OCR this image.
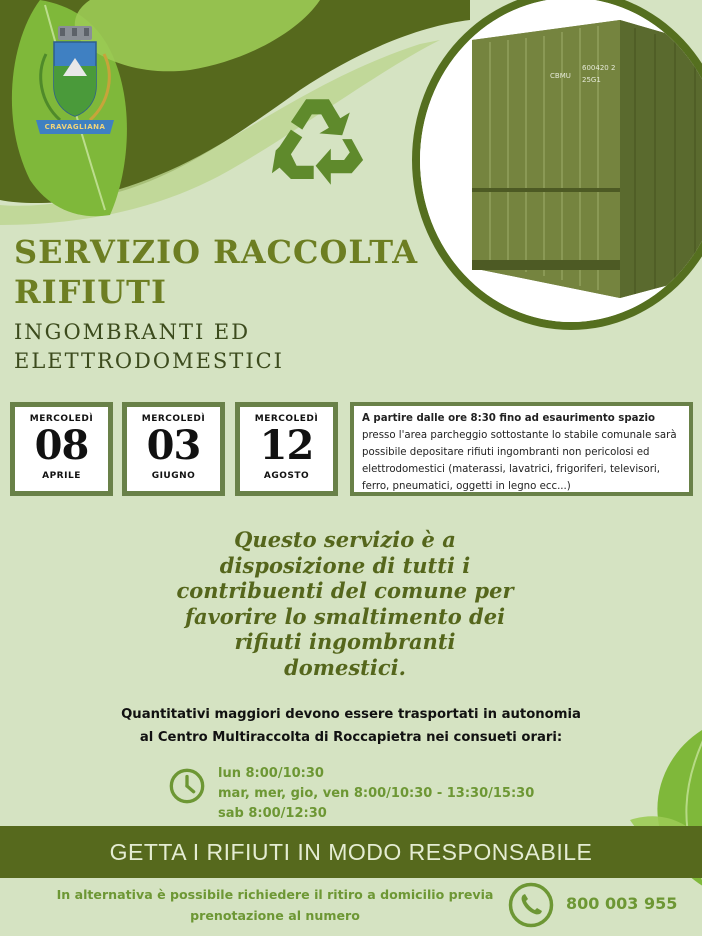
CRAVAGLIANA
CBMU
600420 2
25G1
SERVIZIO RACCOLTA
RIFIUTI
INGOMBRANTI ED
ELETTRODOMESTICI
MERCOLEDÌ
08
APRILE
MERCOLEDÌ
03
GIUGNO
MERCOLEDÌ
12
AGOSTO
A partire dalle ore 8:30 fino ad esaurimento spazio
presso l'area parcheggio sottostante lo stabile comunale sarà possibile depositare rifiuti ingombranti non pericolosi ed elettrodomestici (materassi, lavatrici, frigoriferi, televisori, ferro, pneumatici, oggetti in legno ecc...)
Questo servizio è a
disposizione di tutti i
contribuenti del comune per
favorire lo smaltimento dei
rifiuti ingombranti
domestici.
Quantitativi maggiori devono essere trasportati in autonomia
al Centro Multiraccolta di Roccapietra nei consueti orari:
lun 8:00/10:30
mar, mer, gio, ven 8:00/10:30 - 13:30/15:30
sab 8:00/12:30
GETTA I RIFIUTI IN MODO RESPONSABILE
In alternativa è possibile richiedere il ritiro a domicilio previa
prenotazione al numero
800 003 955
